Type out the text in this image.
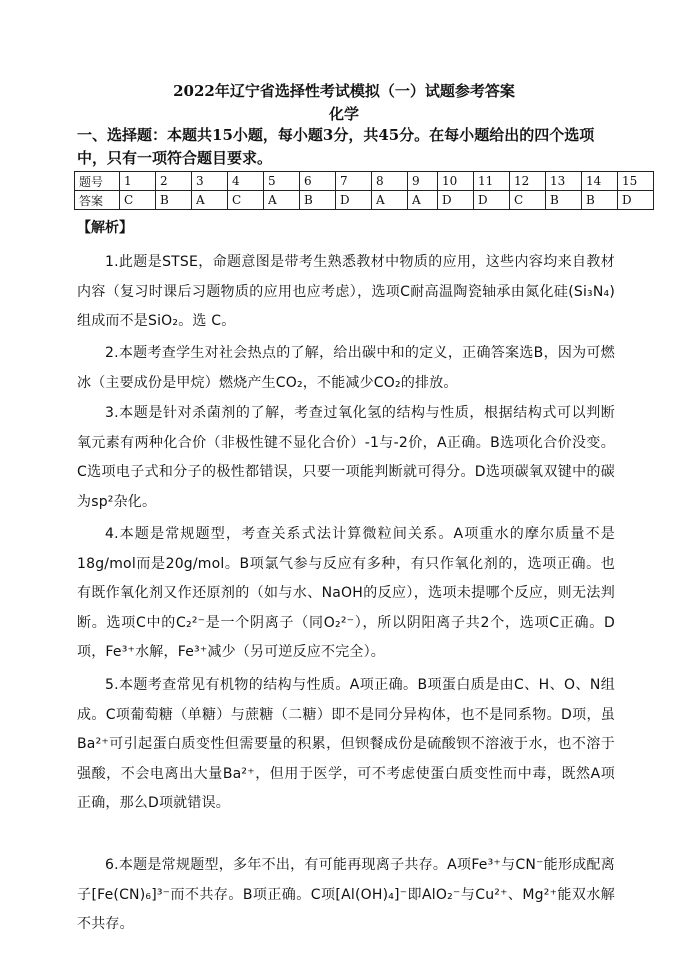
2022年辽宁省选择性考试模拟（一）试题参考答案
化学
一、选择题：本题共15小题，每小题3分，共45分。在每小题给出的四个选项中，只有一项符合题目要求。
题号	1	2	3	4	5	6	7	8	9	10	11	12	13	14	15
答案	C	B	A	C	A	B	D	A	A	D	D	C	B	B	D
【解析】
1.此题是STSE，命题意图是带考生熟悉教材中物质的应用，这些内容均来自教材内容（复习时课后习题物质的应用也应考虑），选项C耐高温陶瓷轴承由氮化硅(Si₃N₄)组成而不是SiO₂。选 C。
2.本题考查学生对社会热点的了解，给出碳中和的定义，正确答案选B，因为可燃冰（主要成份是甲烷）燃烧产生CO₂，不能减少CO₂的排放。
3.本题是针对杀菌剂的了解，考查过氧化氢的结构与性质，根据结构式可以判断氧元素有两种化合价（非极性键不显化合价）-1与-2价，A正确。B选项化合价没变。C选项电子式和分子的极性都错误，只要一项能判断就可得分。D选项碳氧双键中的碳为sp²杂化。
4.本题是常规题型，考查关系式法计算微粒间关系。A项重水的摩尔质量不是18g/mol而是20g/mol。B项氯气参与反应有多种，有只作氧化剂的，选项正确。也有既作氧化剂又作还原剂的（如与水、NaOH的反应），选项未提哪个反应，则无法判断。选项C中的C₂²⁻是一个阴离子（同O₂²⁻），所以阴阳离子共2个，选项C正确。D项，Fe³⁺水解，Fe³⁺减少（另可逆反应不完全）。
5.本题考查常见有机物的结构与性质。A项正确。B项蛋白质是由C、H、O、N组成。C项葡萄糖（单糖）与蔗糖（二糖）即不是同分异构体，也不是同系物。D项，虽Ba²⁺可引起蛋白质变性但需要量的积累，但钡餐成份是硫酸钡不溶液于水，也不溶于强酸，不会电离出大量Ba²⁺，但用于医学，可不考虑使蛋白质变性而中毒，既然A项正确，那么D项就错误。
6.本题是常规题型，多年不出，有可能再现离子共存。A项Fe³⁺与CN⁻能形成配离子[Fe(CN)₆]³⁻而不共存。B项正确。C项[Al(OH)₄]⁻即AlO₂⁻与Cu²⁺、Mg²⁺能双水解不共存。
